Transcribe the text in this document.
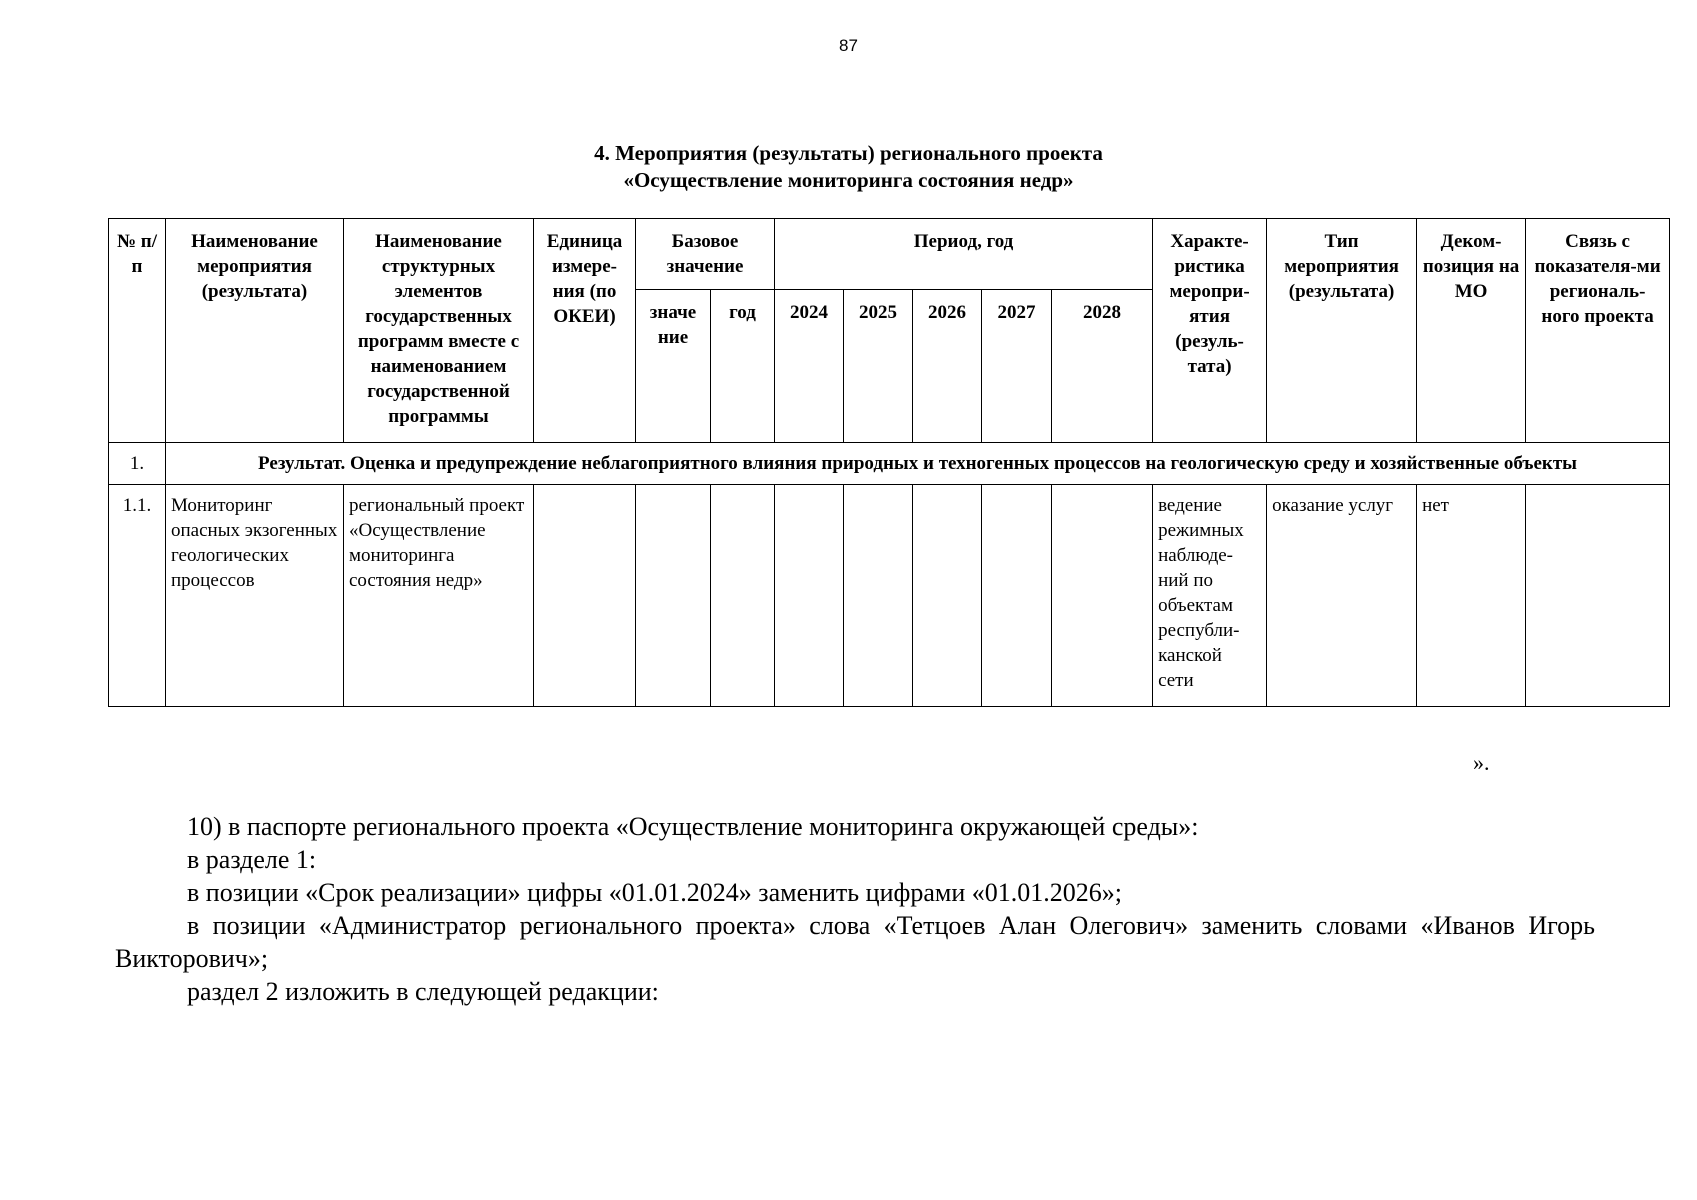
87
4. Мероприятия (результаты) регионального проекта
«Осуществление мониторинга состояния недр»
№ п/п	Наименование мероприятия (результата)	Наименование структурных элементов государственных программ вместе с наименованием государственной программы	Единица измере-ния (по ОКЕИ)	Базовое значение		Период, год					Характе-ристика меропри-ятия (резуль-тата)	Тип мероприятия (результата)	Деком-позиция на МО	Связь с показателя-ми региональ-ного проекта
				значе ние	год	2024	2025	2026	2027	2028				
1.	Результат. Оценка и предупреждение неблагоприятного влияния природных и техногенных процессов на геологическую среду и хозяйственные объекты													
1.1.	Мониторинг опасных экзогенных геологических процессов	региональный проект «Осуществление мониторинга состояния недр»									ведение режимных наблюде-ний по объектам республи-канской сети	оказание услуг	нет	
».

10) в паспорте регионального проекта «Осуществление мониторинга окружающей среды»:

в разделе 1:

в позиции «Срок реализации» цифры «01.01.2024» заменить цифрами «01.01.2026»;

в позиции «Администратор регионального проекта» слова «Тетцоев Алан Олегович» заменить словами «Иванов Игорь Викторович»;

раздел 2 изложить в следующей редакции:
